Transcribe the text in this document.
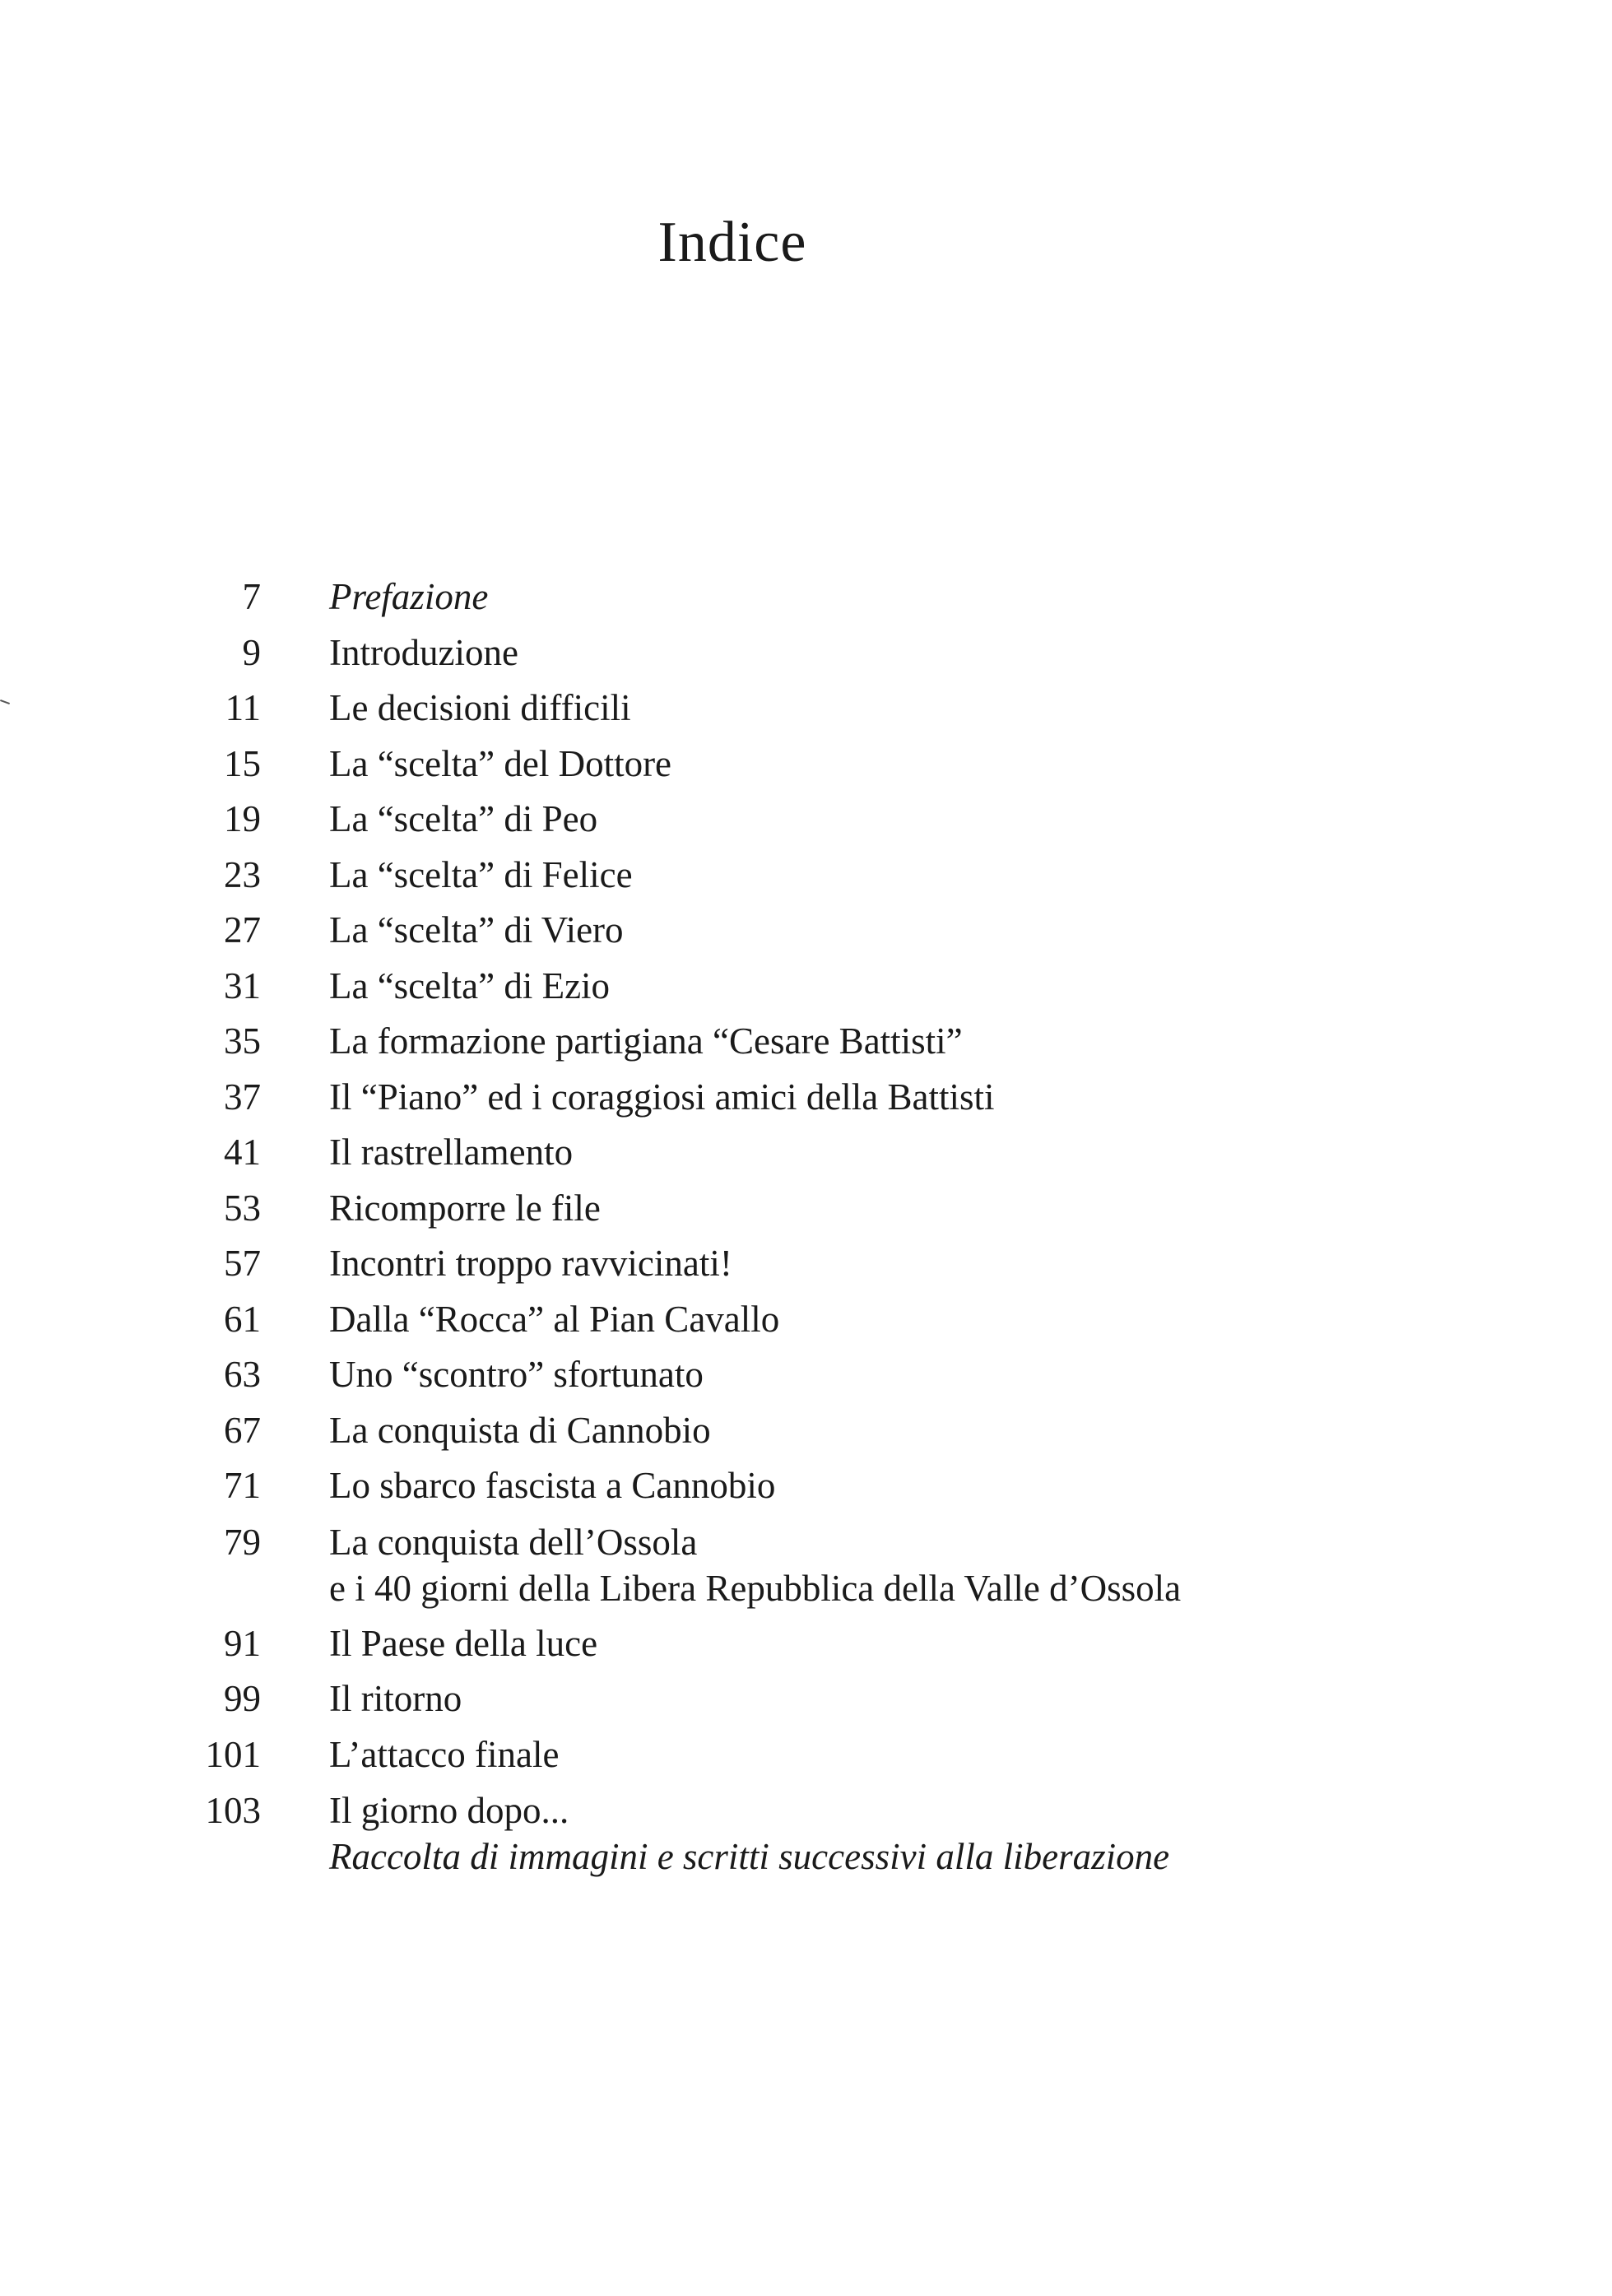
Indice
7 Prefazione
9 Introduzione
11 Le decisioni difficili
15 La “scelta” del Dottore
19 La “scelta” di Peo
23 La “scelta” di Felice
27 La “scelta” di Viero
31 La “scelta” di Ezio
35 La formazione partigiana “Cesare Battisti”
37 Il “Piano” ed i coraggiosi amici della Battisti
41 Il rastrellamento
53 Ricomporre le file
57 Incontri troppo ravvicinati!
61 Dalla “Rocca” al Pian Cavallo
63 Uno “scontro” sfortunato
67 La conquista di Cannobio
71 Lo sbarco fascista a Cannobio
79 La conquista dell’Ossola
e i 40 giorni della Libera Repubblica della Valle d’Ossola
91 Il Paese della luce
99 Il ritorno
101 L’attacco finale
103 Il giorno dopo...
Raccolta di immagini e scritti successivi alla liberazione
